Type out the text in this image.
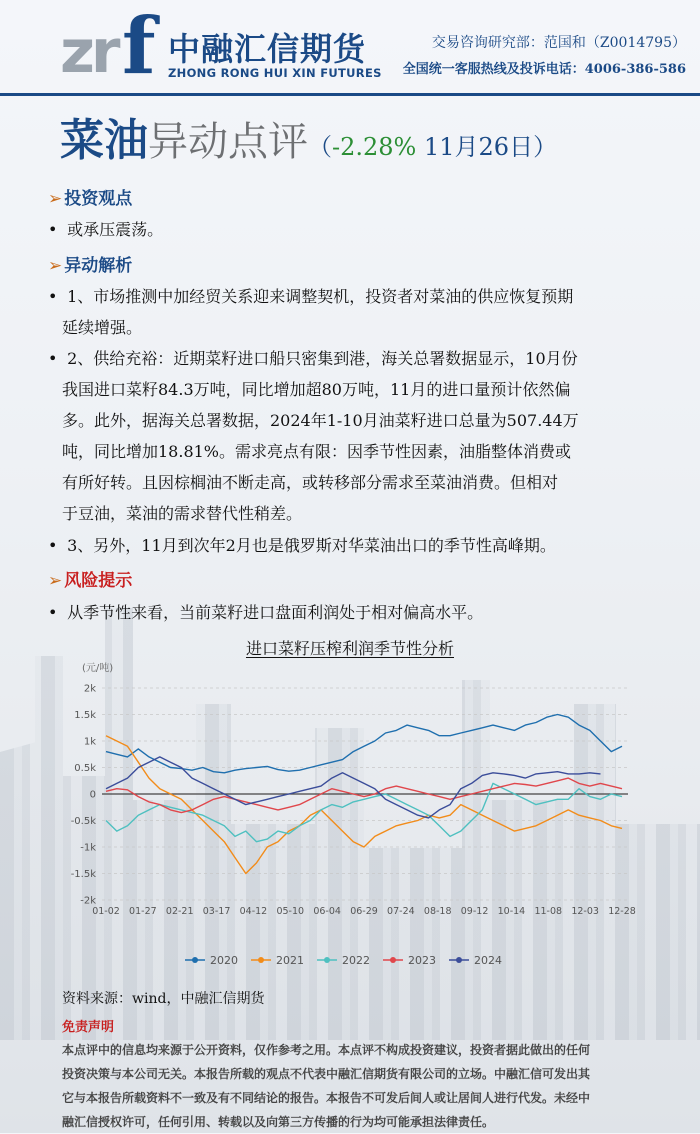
zr f 中融汇信期货
ZHONG RONG HUI XIN FUTURES
交易咨询研究部：范国和（Z0014795）
全国统一客服热线及投诉电话：4006-386-586
菜油异动点评（-2.28% 11月26日）
➢ 投资观点
• 或承压震荡。
➢ 异动解析
• 1、市场推测中加经贸关系迎来调整契机，投资者对菜油的供应恢复预期
延续增强。
• 2、供给充裕：近期菜籽进口船只密集到港，海关总署数据显示，10月份
我国进口菜籽84.3万吨，同比增加超80万吨，11月的进口量预计依然偏
多。此外，据海关总署数据，2024年1-10月油菜籽进口总量为507.44万
吨，同比增加18.81%。需求亮点有限：因季节性因素，油脂整体消费或
有所好转。且因棕榈油不断走高，或转移部分需求至菜油消费。但相对
于豆油，菜油的需求替代性稍差。
• 3、另外，11月到次年2月也是俄罗斯对华菜油出口的季节性高峰期。
➢ 风险提示
• 从季节性来看，当前菜籽进口盘面利润处于相对偏高水平。
进口菜籽压榨利润季节性分析
(元/吨)
2k
1.5k
1k
0.5k
0
-0.5k
-1k
-1.5k
-2k
01-02 01-27 02-21 03-17 04-12 05-10 06-04 06-29 07-24 08-18 09-12 10-14 11-08 12-03 12-28
2020	2021	2022	2023	2024
资料来源：wind，中融汇信期货
免责声明
本点评中的信息均来源于公开资料，仅作参考之用。本点评不构成投资建议，投资者据此做出的任何
投资决策与本公司无关。本报告所载的观点不代表中融汇信期货有限公司的立场。中融汇信可发出其
它与本报告所载资料不一致及有不同结论的报告。本报告不可发后间人或让居间人进行代发。未经中
融汇信授权许可，任何引用、转载以及向第三方传播的行为均可能承担法律责任。
